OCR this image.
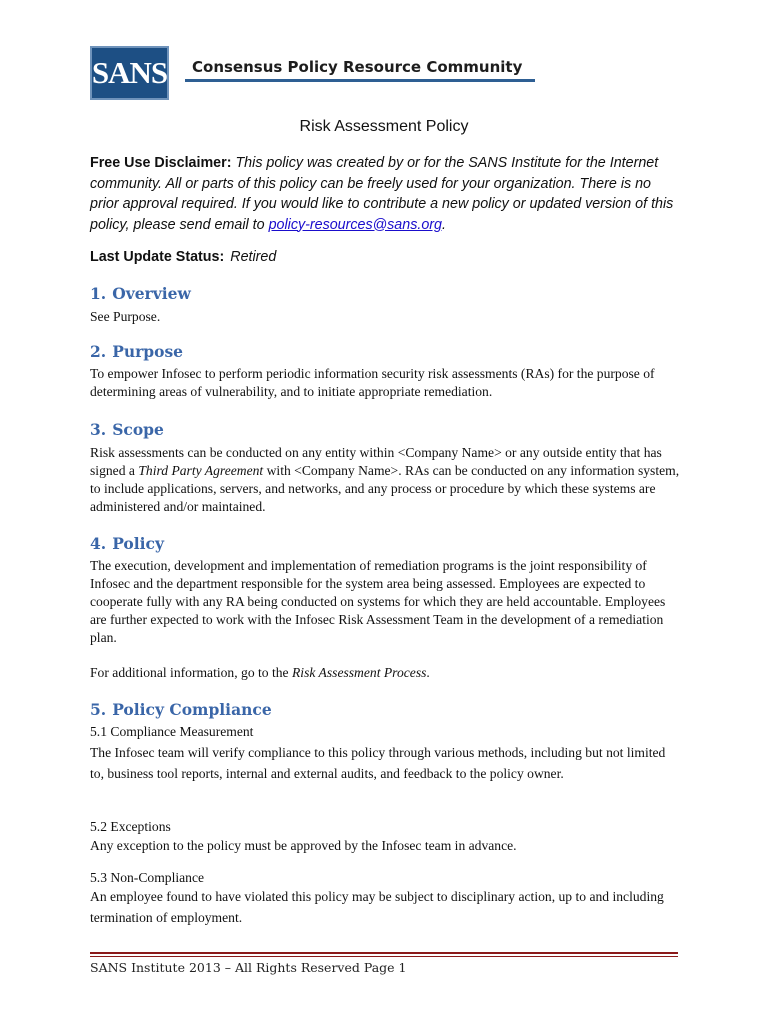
SANS Consensus Policy Resource Community
Risk Assessment Policy
Free Use Disclaimer: This policy was created by or for the SANS Institute for the Internet community. All or parts of this policy can be freely used for your organization. There is no prior approval required. If you would like to contribute a new policy or updated version of this policy, please send email to policy-resources@sans.org.
Last Update Status: Retired
1. Overview
See Purpose.
2. Purpose
To empower Infosec to perform periodic information security risk assessments (RAs) for the purpose of determining areas of vulnerability, and to initiate appropriate remediation.
3. Scope
Risk assessments can be conducted on any entity within <Company Name> or any outside entity that has signed a Third Party Agreement with <Company Name>. RAs can be conducted on any information system, to include applications, servers, and networks, and any process or procedure by which these systems are administered and/or maintained.
4. Policy
The execution, development and implementation of remediation programs is the joint responsibility of Infosec and the department responsible for the system area being assessed. Employees are expected to cooperate fully with any RA being conducted on systems for which they are held accountable. Employees are further expected to work with the Infosec Risk Assessment Team in the development of a remediation plan.
For additional information, go to the Risk Assessment Process.
5. Policy Compliance
5.1 Compliance Measurement
The Infosec team will verify compliance to this policy through various methods, including but not limited to, business tool reports, internal and external audits, and feedback to the policy owner.
5.2 Exceptions
Any exception to the policy must be approved by the Infosec team in advance.
5.3 Non-Compliance
An employee found to have violated this policy may be subject to disciplinary action, up to and including termination of employment.
SANS Institute 2013 – All Rights Reserved Page 1
